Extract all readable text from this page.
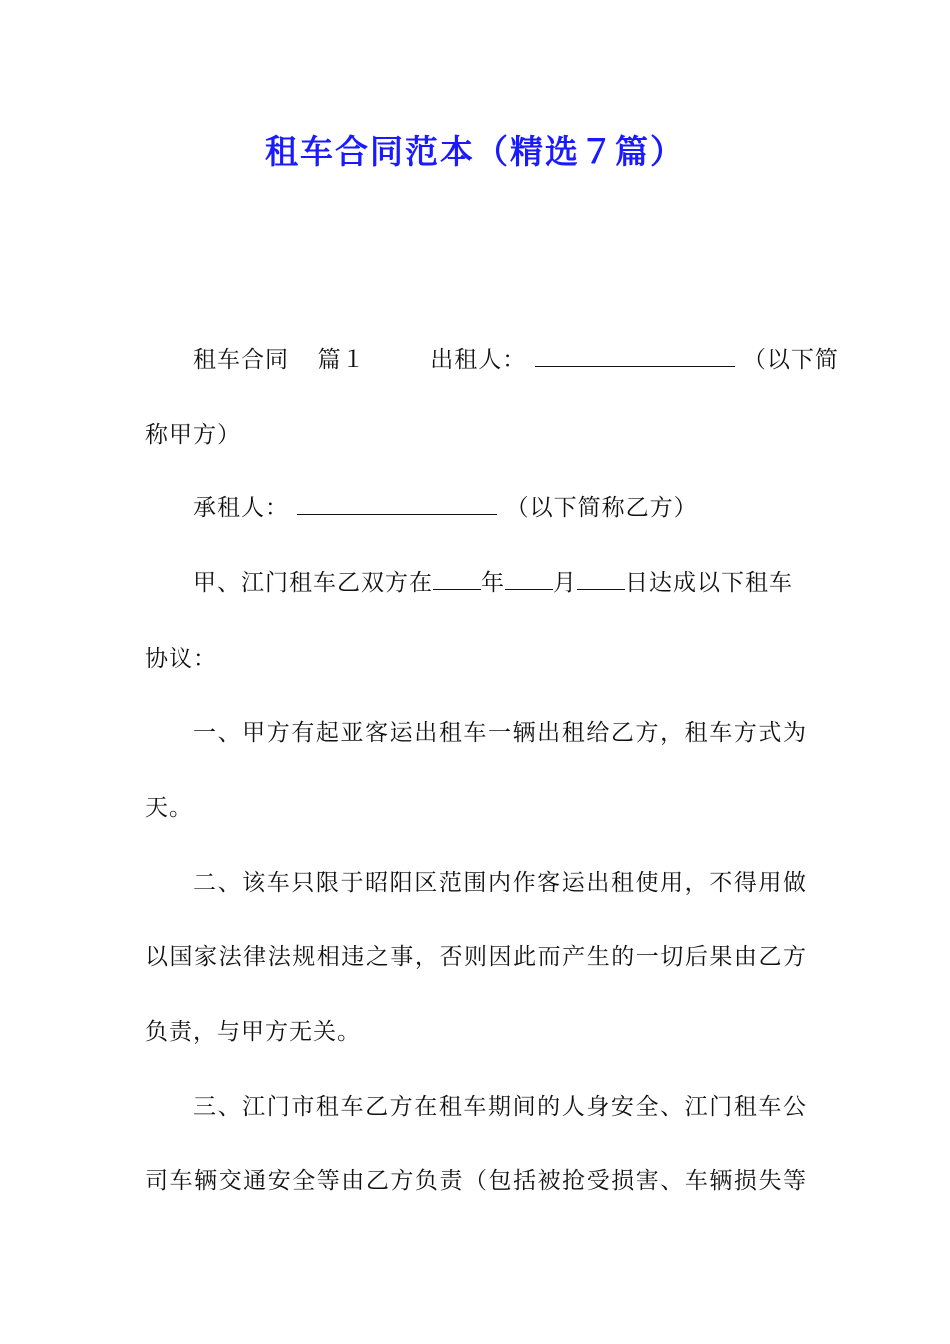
租车合同范本（精选７篇）
租车合同 篇１	出租人：	（以下简
称甲方）
承租人：	（以下简称乙方）
甲、江门租车乙双方在 年 月 日达成以下租车
协议：
一、甲方有起亚客运出租车一辆出租给乙方，租车方式为
天。
二、该车只限于昭阳区范围内作客运出租使用，不得用做
以国家法律法规相违之事，否则因此而产生的一切后果由乙方
负责，与甲方无关。
三、江门市租车乙方在租车期间的人身安全、江门租车公
司车辆交通安全等由乙方负责（包括被抢受损害、车辆损失等
